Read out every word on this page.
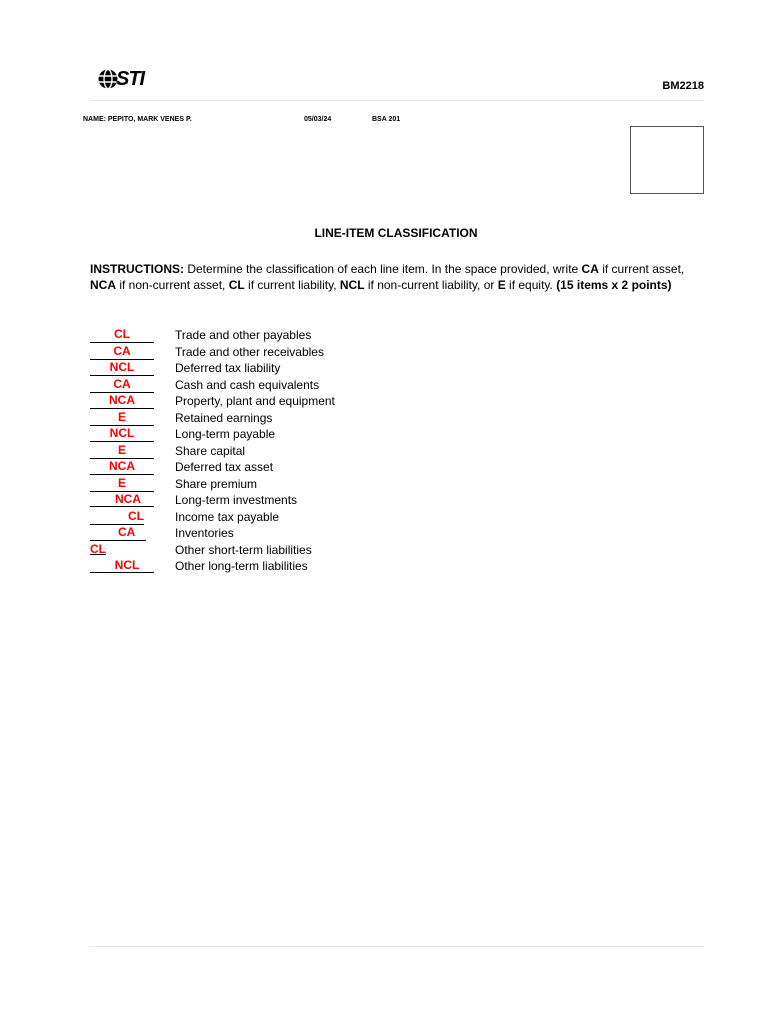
STI	BM2218
NAME: PEPITO, MARK VENES P.	05/03/24	BSA 201
LINE-ITEM CLASSIFICATION
INSTRUCTIONS: Determine the classification of each line item. In the space provided, write CA if current asset,
NCA if non-current asset, CL if current liability, NCL if non-current liability, or E if equity. (15 items x 2 points)
CL	Trade and other payables
CA	Trade and other receivables
NCL	Deferred tax liability
CA	Cash and cash equivalents
NCA	Property, plant and equipment
E	Retained earnings
NCL	Long-term payable
E	Share capital
NCA	Deferred tax asset
E	Share premium
NCA	Long-term investments
CL	Income tax payable
CA	Inventories
CL	Other short-term liabilities
NCL	Other long-term liabilities
